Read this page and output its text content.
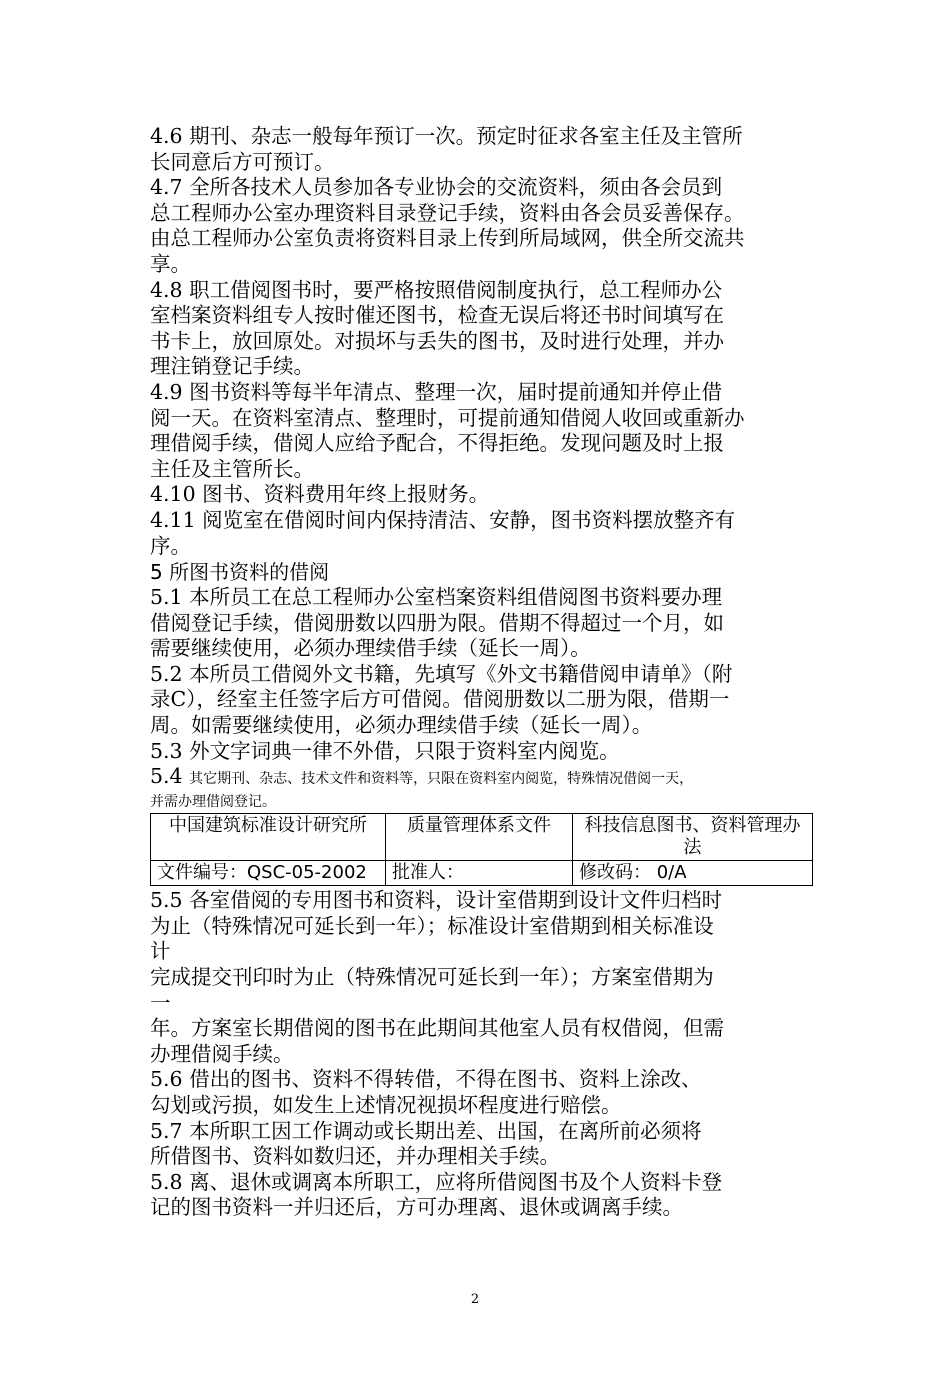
4.6 期刊、杂志一般每年预订一次。预定时征求各室主任及主管所
长同意后方可预订。
4.7 全所各技术人员参加各专业协会的交流资料，须由各会员到
总工程师办公室办理资料目录登记手续，资料由各会员妥善保存。
由总工程师办公室负责将资料目录上传到所局域网，供全所交流共
享。
4.8 职工借阅图书时，要严格按照借阅制度执行，总工程师办公
室档案资料组专人按时催还图书，检查无误后将还书时间填写在
书卡上，放回原处。对损坏与丢失的图书，及时进行处理，并办
理注销登记手续。
4.9 图书资料等每半年清点、整理一次，届时提前通知并停止借
阅一天。在资料室清点、整理时，可提前通知借阅人收回或重新办
理借阅手续，借阅人应给予配合，不得拒绝。发现问题及时上报
主任及主管所长。
4.10 图书、资料费用年终上报财务。
4.11 阅览室在借阅时间内保持清洁、安静，图书资料摆放整齐有
序。
5 所图书资料的借阅
5.1 本所员工在总工程师办公室档案资料组借阅图书资料要办理
借阅登记手续，借阅册数以四册为限。借期不得超过一个月，如
需要继续使用，必须办理续借手续（延长一周）。
5.2 本所员工借阅外文书籍，先填写《外文书籍借阅申请单》（附
录C），经室主任签字后方可借阅。借阅册数以二册为限，借期一
周。如需要继续使用，必须办理续借手续（延长一周）。
5.3 外文字词典一律不外借，只限于资料室内阅览。
5.4 其它期刊、杂志、技术文件和资料等，只限在资料室内阅览，特殊情况借阅一天，
并需办理借阅登记。
中国建筑标准设计研究所	质量管理体系文件	科技信息图书、资料管理办法
文件编号：QSC-05-2002	批准人：	修改码： 0/A
5.5 各室借阅的专用图书和资料，设计室借期到设计文件归档时
为止（特殊情况可延长到一年）；标准设计室借期到相关标准设
计
完成提交刊印时为止（特殊情况可延长到一年）；方案室借期为
一
年。方案室长期借阅的图书在此期间其他室人员有权借阅，但需
办理借阅手续。
5.6 借出的图书、资料不得转借，不得在图书、资料上涂改、
勾划或污损，如发生上述情况视损坏程度进行赔偿。
5.7 本所职工因工作调动或长期出差、出国，在离所前必须将
所借图书、资料如数归还，并办理相关手续。
5.8 离、退休或调离本所职工，应将所借阅图书及个人资料卡登
记的图书资料一并归还后，方可办理离、退休或调离手续。
2
